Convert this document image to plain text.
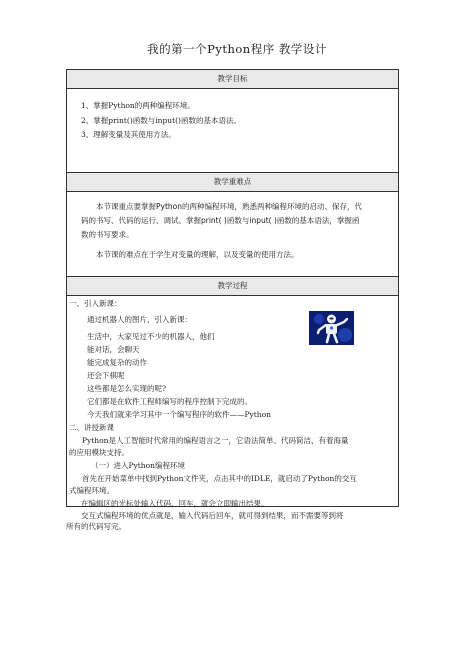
我的第一个Python程序 教学设计
教学目标
1、掌握Python的两种编程环境。
2、掌握print()函数与input()函数的基本语法。
3、理解变量及其使用方法。
教学重难点

本节课重点要掌握Python的两种编程环境，熟悉两种编程环境的启动、保存，代
码的书写、代码的运行、调试。掌握print( )函数与input( )函数的基本语法，掌握函
数的书写要求。

本节课的难点在于学生对变量的理解，以及变量的使用方法。

教学过程
一、引入新课：
通过机器人的图片，引入新课：
生活中，大家见过不少的机器人，他们
能对话，会聊天
能完成复杂的动作
还会下棋呢
这些都是怎么实现的呢?
它们都是在软件工程师编写的程序控制下完成的。
今天我们就来学习其中一个编写程序的软件——Python
二、讲授新课
Python是人工智能时代常用的编程语言之一，它语法简单、代码简洁，有着海量
的应用模块支持。
（一）进入Python编程环境
首先在开始菜单中找到Python文件夹，点击其中的IDLE，就启动了Python的交互
式编程环境。
在编辑区的光标处输入代码，回车，就会立即输出结果。
交互式编程环境的优点就是，输入代码后回车，就可得到结果，而不需要等到将
所有的代码写完。
